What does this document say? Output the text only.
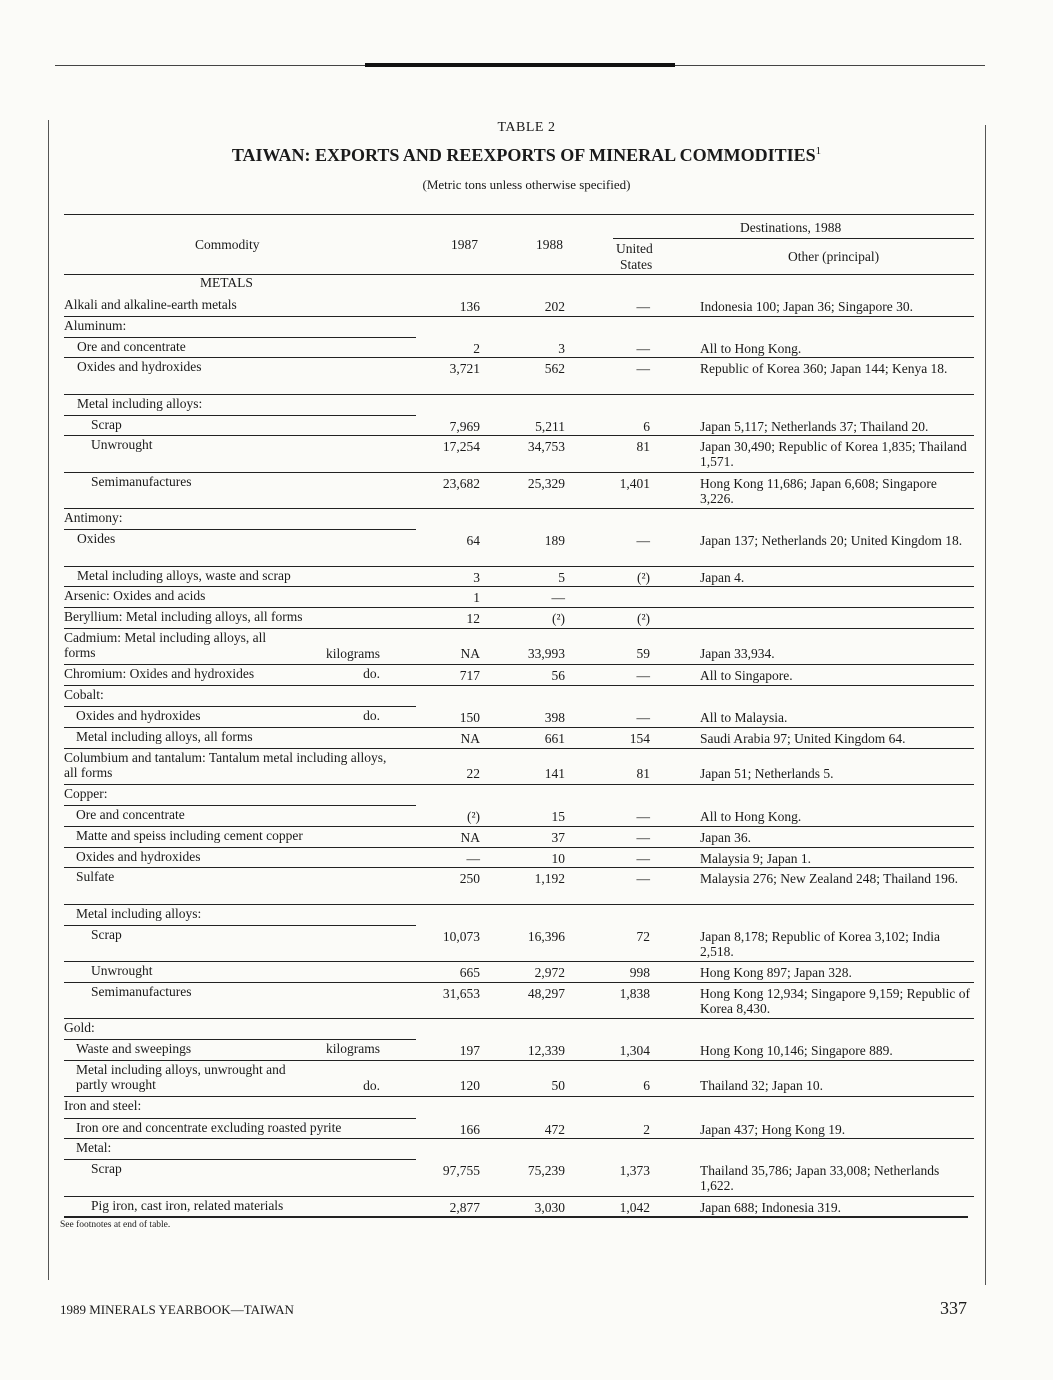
TABLE 2
TAIWAN: EXPORTS AND REEXPORTS OF MINERAL COMMODITIES$^1$
(Metric tons unless otherwise specified)
Commodity	1987	1988
Destinations, 1988
United
States
Other (principal)
METALS
Alkali and alkaline-earth metals	136	202	—	Indonesia 100; Japan 36; Singapore 30.
Aluminum:
Ore and concentrate	2	3	—	All to Hong Kong.
Oxides and hydroxides	3,721	562	—	Republic of Korea 360; Japan 144; Kenya 18.
Metal including alloys:
Scrap	7,969	5,211	6	Japan 5,117; Netherlands 37; Thailand 20.
Unwrought	17,254	34,753	81	Japan 30,490; Republic of Korea 1,835; Thailand 1,571.
Semimanufactures	23,682	25,329	1,401	Hong Kong 11,686; Japan 6,608; Singapore 3,226.
Antimony:
Oxides	64	189	—	Japan 137; Netherlands 20; United Kingdom 18.
Metal including alloys, waste and scrap	3	5	(²)	Japan 4.
Arsenic: Oxides and acids	1	—
Beryllium: Metal including alloys, all forms	12	(²)	(²)
Cadmium: Metal including alloys, all forms	kilograms	NA	33,993	59	Japan 33,934.
Chromium: Oxides and hydroxides	do.	717	56	—	All to Singapore.
Cobalt:
Oxides and hydroxides	do.	150	398	—	All to Malaysia.
Metal including alloys, all forms	NA	661	154	Saudi Arabia 97; United Kingdom 64.
Columbium and tantalum: Tantalum metal including alloys, all forms	22	141	81	Japan 51; Netherlands 5.
Copper:
Ore and concentrate	(²)	15	—	All to Hong Kong.
Matte and speiss including cement copper	NA	37	—	Japan 36.
Oxides and hydroxides	—	10	—	Malaysia 9; Japan 1.
Sulfate	250	1,192	—	Malaysia 276; New Zealand 248; Thailand 196.
Metal including alloys:
Scrap	10,073	16,396	72	Japan 8,178; Republic of Korea 3,102; India 2,518.
Unwrought	665	2,972	998	Hong Kong 897; Japan 328.
Semimanufactures	31,653	48,297	1,838	Hong Kong 12,934; Singapore 9,159; Republic of Korea 8,430.
Gold:
Waste and sweepings	kilograms	197	12,339	1,304	Hong Kong 10,146; Singapore 889.
Metal including alloys, unwrought and partly wrought	do.	120	50	6	Thailand 32; Japan 10.
Iron and steel:
Iron ore and concentrate excluding roasted pyrite	166	472	2	Japan 437; Hong Kong 19.
Metal:
Scrap	97,755	75,239	1,373	Thailand 35,786; Japan 33,008; Netherlands 1,622.
Pig iron, cast iron, related materials	2,877	3,030	1,042	Japan 688; Indonesia 319.
See footnotes at end of table.
1989 MINERALS YEARBOOK—TAIWAN	337
